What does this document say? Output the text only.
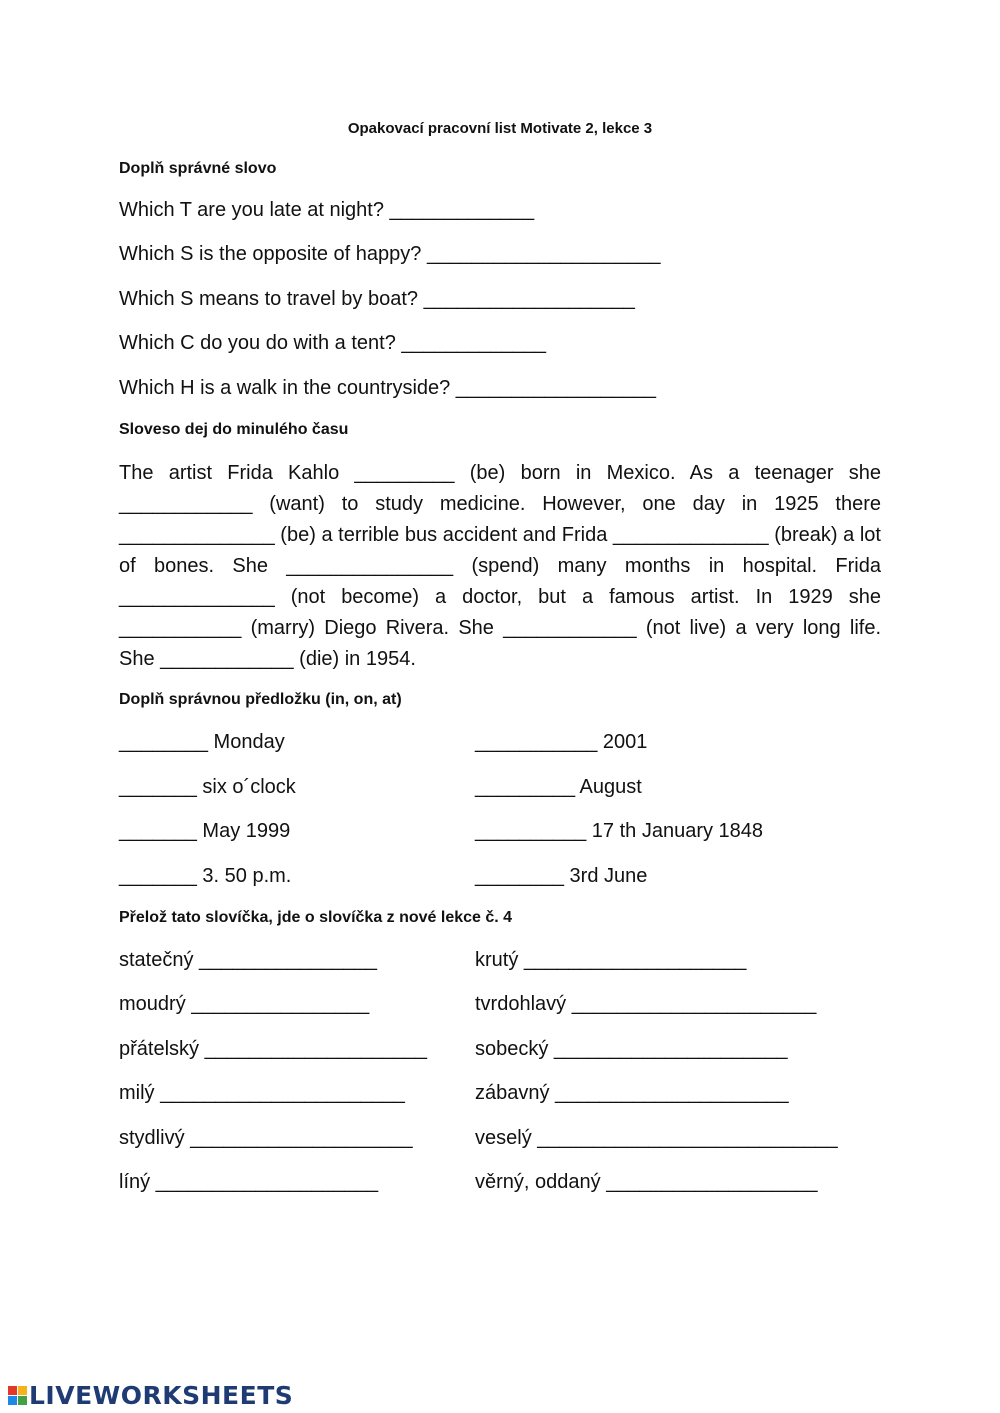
Opakovací pracovní list Motivate 2, lekce 3
Doplň správné slovo
Which T are you late at night? _____________
Which S is the opposite of happy? _____________________
Which S means to travel by boat? ___________________
Which C do you do with a tent? _____________
Which H is a walk in the countryside? __________________
Sloveso dej do minulého času
The artist Frida Kahlo _________ (be) born in Mexico. As a teenager she ____________ (want) to study medicine. However, one day in 1925 there ______________ (be) a terrible bus accident and Frida ______________ (break) a lot of bones. She _______________ (spend) many months in hospital. Frida ______________ (not become) a doctor, but a famous artist. In 1929 she ___________ (marry) Diego Rivera. She ____________ (not live) a very long life. She ____________ (die) in 1954.
Doplň správnou předložku (in, on, at)
________ Monday	___________ 2001
_______ six o´clock	_________ August
_______ May 1999	__________ 17 th January 1848
_______ 3. 50 p.m.	________ 3rd June
Přelož tato slovíčka, jde o slovíčka z nové lekce č. 4
statečný ________________	krutý ____________________
moudrý ________________	tvrdohlavý ______________________
přátelský ____________________ sobecký _____________________
milý ______________________	zábavný _____________________
stydlivý ____________________	veselý ___________________________
líný ____________________	věrný, oddaný ___________________
LIVEWORKSHEETS
